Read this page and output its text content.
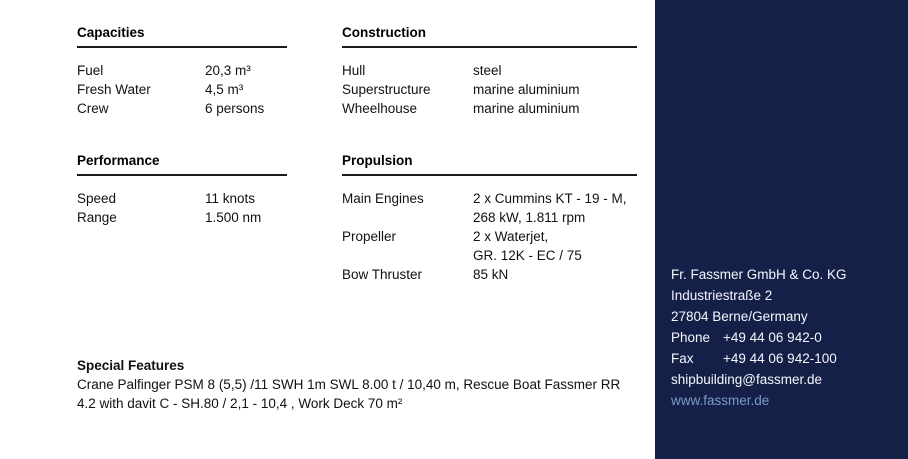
Capacities
Fuel	20,3 m³
Fresh Water	4,5 m³
Crew	6 persons
Construction
Hull	steel
Superstructure	marine aluminium
Wheelhouse	marine aluminium
Performance
Speed	11 knots
Range	1.500 nm
Propulsion
Main Engines	2 x Cummins KT - 19 - M,
268 kW, 1.811 rpm
Propeller	2 x Waterjet,
GR. 12K - EC / 75
Bow Thruster	85 kN
Special Features
Crane Palfinger PSM 8 (5,5) /11 SWH 1m SWL 8.00 t / 10,40 m, Rescue Boat Fassmer RR
4.2 with davit C - SH.80 / 2,1 - 10,4 , Work Deck 70 m²
Fr. Fassmer GmbH & Co. KG
Industriestraße 2
27804 Berne/Germany
Phone +49 44 06 942-0
Fax	+49 44 06 942-100
shipbuilding@fassmer.de
www.fassmer.de
